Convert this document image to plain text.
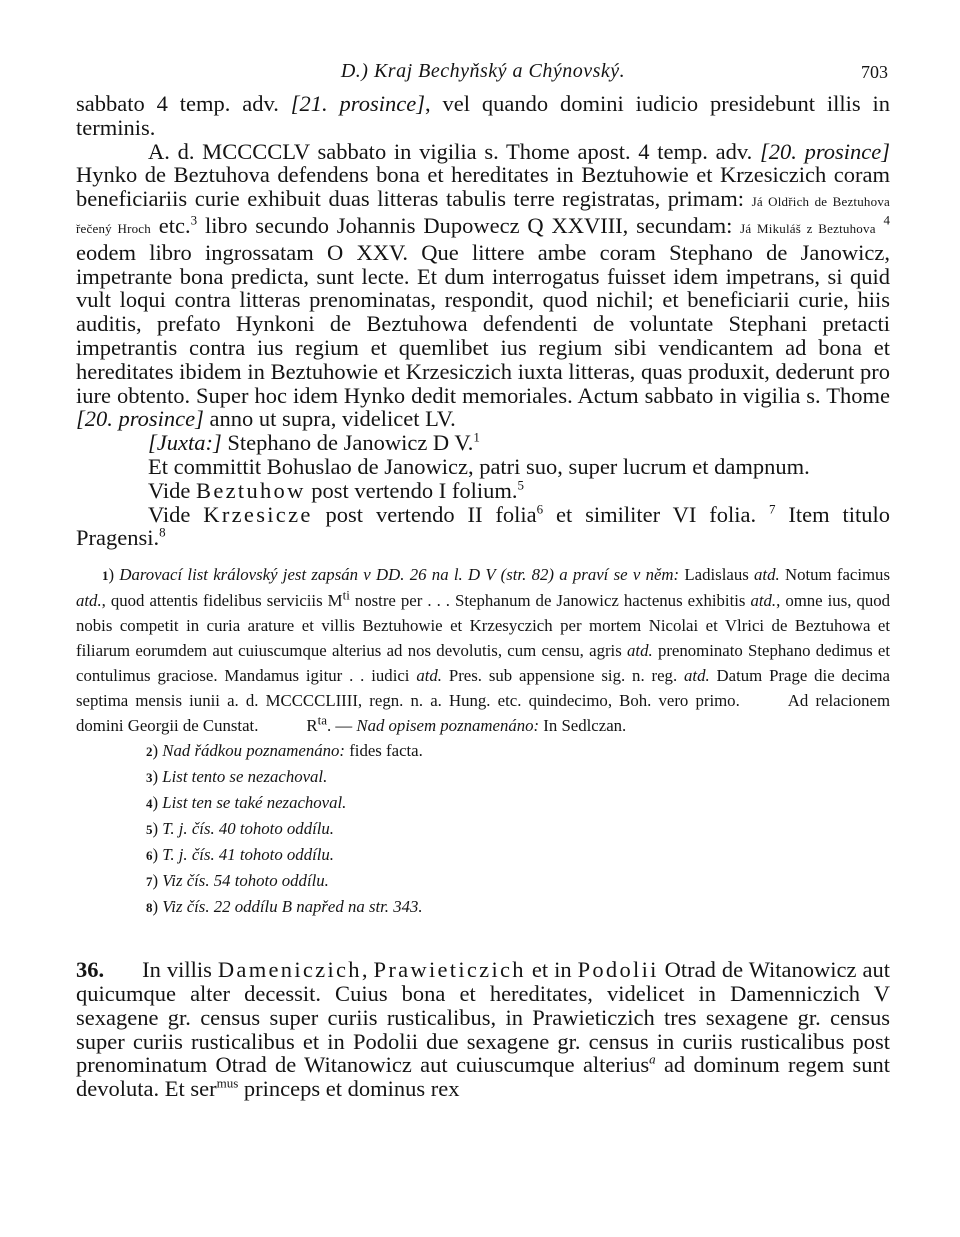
D.) Kraj Bechyňský a Chýnovský.	703

sabbato 4 temp. adv. [21. prosince], vel quando domini iudicio presidebunt illis in terminis.

A. d. MCCCCLV sabbato in vigilia s. Thome apost. 4 temp. adv. [20. prosince] Hynko de Beztuhova defendens bona et hereditates in Beztuhowie et Krzesiczich coram beneficiariis curie exhibuit duas litteras tabulis terre registratas, primam: Já Oldřich de Beztuhova řečený Hroch etc.$^3$ libro secundo Johannis Dupowecz Q XXVIII, secundam: Já Mikuláš z Beztuhova $^4$ eodem libro ingrossatam O XXV. Que littere ambe coram Stephano de Janowicz, impetrante bona predicta, sunt lecte. Et dum interrogatus fuisset idem impetrans, si quid vult loqui contra litteras prenominatas, respondit, quod nichil; et beneficiarii curie, hiis auditis, prefato Hynkoni de Beztuhowa defendenti de voluntate Stephani pretacti impetrantis contra ius regium et quemlibet ius regium sibi vendicantem ad bona et hereditates ibidem in Beztuhowie et Krzesiczich iuxta litteras, quas produxit, dederunt pro iure obtento. Super hoc idem Hynko dedit memoriales. Actum sabbato in vigilia s. Thome [20. prosince] anno ut supra, videlicet LV.

[Juxta:] Stephano de Janowicz D V.$^1$

Et committit Bohuslao de Janowicz, patri suo, super lucrum et dampnum.

Vide Beztuhow post vertendo I folium.$^5$

Vide Krzesicze post vertendo II folia$^6$ et similiter VI folia. $^7$ Item titulo Pragensi.$^8$

1) Darovací list královský jest zapsán v DD. 26 na l. D V (str. 82) a praví se v něm: Ladislaus atd. Notum facimus atd., quod attentis fidelibus serviciis $M^{ti}$ nostre per . . . Stephanum de Janowicz hactenus exhibitis atd., omne ius, quod nobis competit in curia arature et villis Beztuhowie et Krzesyczich per mortem Nicolai et Vlrici de Beztuhowa et filiarum eorumdem aut cuiuscumque alterius ad nos devolutis, cum censu, agris atd. prenominato Stephano dedimus et contulimus graciose. Mandamus igitur . . iudici atd. Pres. sub appensione sig. n. reg. atd. Datum Prage die decima septima mensis iunii a. d. MCCCCLIIII, regn. n. a. Hung. etc. quindecimo, Boh. vero primo.	Ad relacionem domini Georgii de Cunstat.	$R^{ta}$. — Nad opisem poznamenáno: In Sedlczan.

2) Nad řádkou poznamenáno: fides facta.

3) List tento se nezachoval.

4) List ten se také nezachoval.

5) T. j. čís. 40 tohoto oddílu.

6) T. j. čís. 41 tohoto oddílu.

7) Viz čís. 54 tohoto oddílu.

8) Viz čís. 22 oddílu B napřed na str. 343.

36. In villis Dameniczich, Prawieticzich et in Podolii Otrad de Witanowicz aut quicumque alter decessit. Cuius bona et hereditates, videlicet in Damenniczich V sexagene gr. census super curiis rusticalibus, in Prawieticzich tres sexagene gr. census super curiis rusticalibus et in Podolii due sexagene gr. census in curiis rusticalibus post prenominatum Otrad de Witanowicz aut cuiuscumque alterius$^a$ ad dominum regem sunt devoluta. Et ser$^{mus}$ princeps et dominus rex
